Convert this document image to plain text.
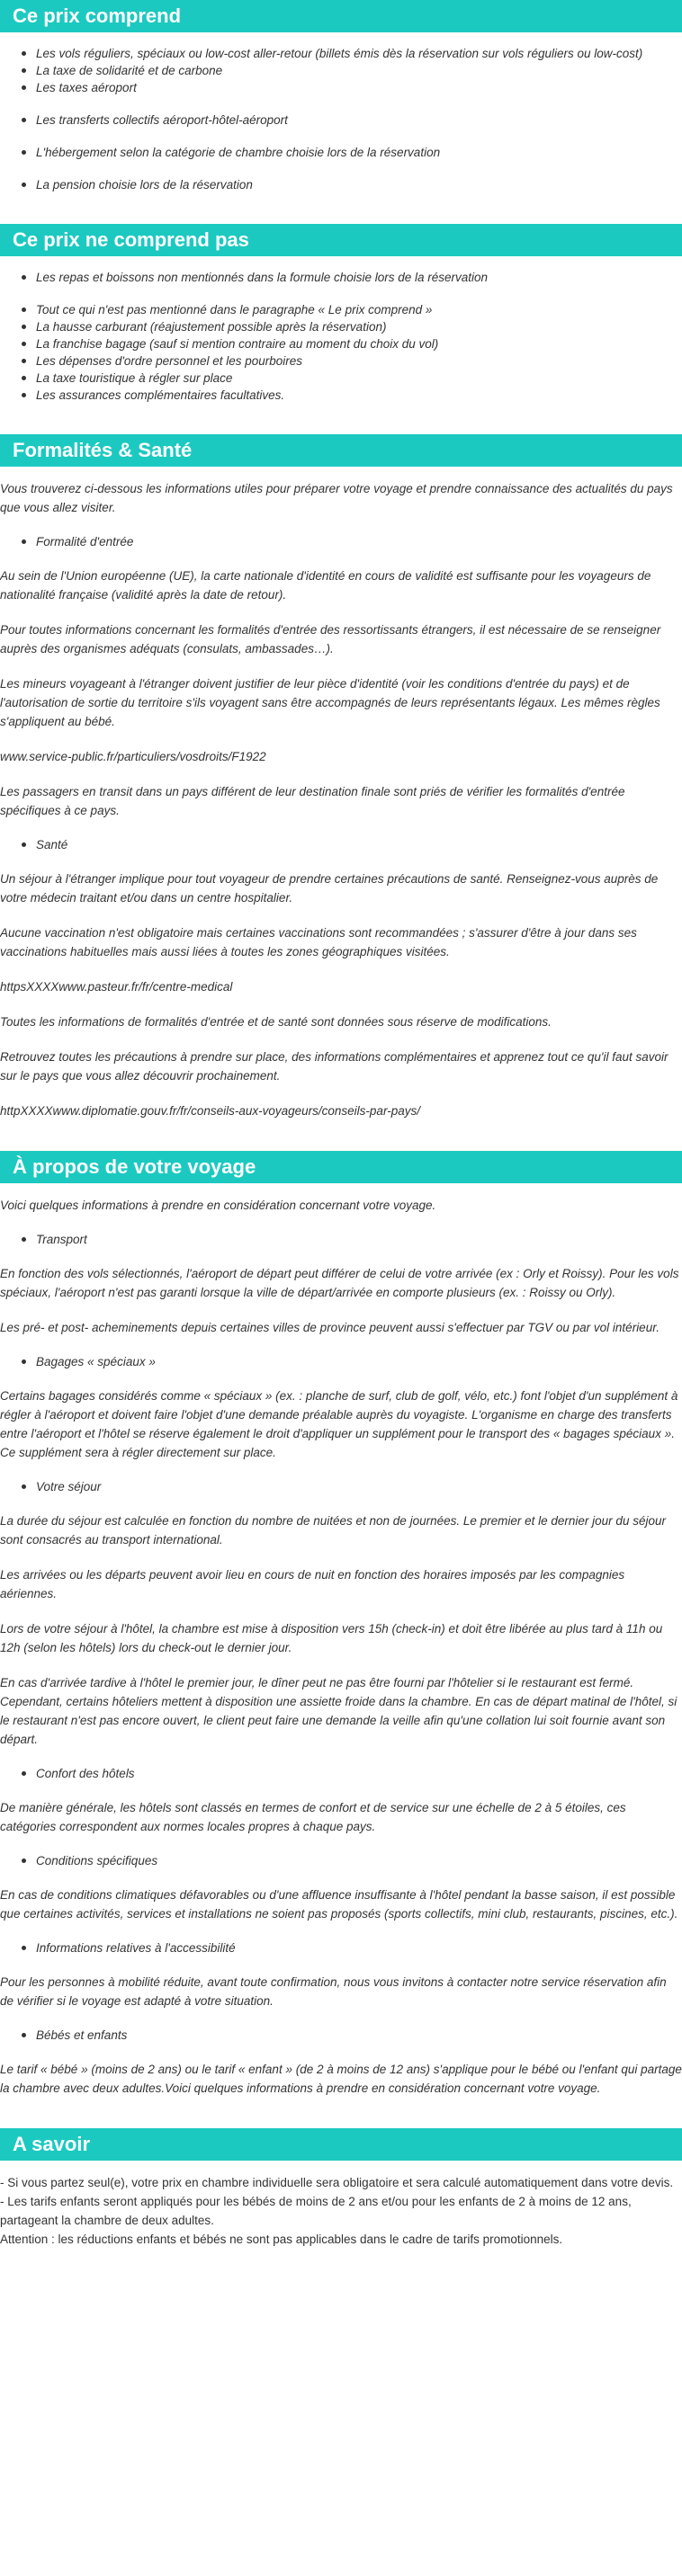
Ce prix comprend
Les vols réguliers, spéciaux ou low-cost aller-retour (billets émis dès la réservation sur vols réguliers ou low-cost)
La taxe de solidarité et de carbone
Les taxes aéroport
Les transferts collectifs aéroport-hôtel-aéroport
L'hébergement selon la catégorie de chambre choisie lors de la réservation
La pension choisie lors de la réservation
Ce prix ne comprend pas
Les repas et boissons non mentionnés dans la formule choisie lors de la réservation
Tout ce qui n'est pas mentionné dans le paragraphe « Le prix comprend »
La hausse carburant (réajustement possible après la réservation)
La franchise bagage (sauf si mention contraire au moment du choix du vol)
Les dépenses d'ordre personnel et les pourboires
La taxe touristique à régler sur place
Les assurances complémentaires facultatives.
Formalités & Santé

Vous trouverez ci-dessous les informations utiles pour préparer votre voyage et prendre connaissance des actualités du pays que vous allez visiter.

Formalité d'entrée

Au sein de l'Union européenne (UE), la carte nationale d'identité en cours de validité est suffisante pour les voyageurs de nationalité française (validité après la date de retour).

Pour toutes informations concernant les formalités d'entrée des ressortissants étrangers, il est nécessaire de se renseigner auprès des organismes adéquats (consulats, ambassades…).

Les mineurs voyageant à l'étranger doivent justifier de leur pièce d'identité (voir les conditions d'entrée du pays) et de l'autorisation de sortie du territoire s'ils voyagent sans être accompagnés de leurs représentants légaux. Les mêmes règles s'appliquent au bébé.

www.service-public.fr/particuliers/vosdroits/F1922

Les passagers en transit dans un pays différent de leur destination finale sont priés de vérifier les formalités d'entrée spécifiques à ce pays.

Santé

Un séjour à l'étranger implique pour tout voyageur de prendre certaines précautions de santé. Renseignez-vous auprès de votre médecin traitant et/ou dans un centre hospitalier.

Aucune vaccination n'est obligatoire mais certaines vaccinations sont recommandées ; s'assurer d'être à jour dans ses vaccinations habituelles mais aussi liées à toutes les zones géographiques visitées.

httpsXXXXwww.pasteur.fr/fr/centre-medical

Toutes les informations de formalités d'entrée et de santé sont données sous réserve de modifications.

Retrouvez toutes les précautions à prendre sur place, des informations complémentaires et apprenez tout ce qu'il faut savoir sur le pays que vous allez découvrir prochainement.

httpXXXXwww.diplomatie.gouv.fr/fr/conseils-aux-voyageurs/conseils-par-pays/

À propos de votre voyage

Voici quelques informations à prendre en considération concernant votre voyage.

Transport

En fonction des vols sélectionnés, l'aéroport de départ peut différer de celui de votre arrivée (ex : Orly et Roissy). Pour les vols spéciaux, l'aéroport n'est pas garanti lorsque la ville de départ/arrivée en comporte plusieurs (ex. : Roissy ou Orly).

Les pré- et post- acheminements depuis certaines villes de province peuvent aussi s'effectuer par TGV ou par vol intérieur.

Bagages « spéciaux »

Certains bagages considérés comme « spéciaux » (ex. : planche de surf, club de golf, vélo, etc.) font l'objet d'un supplément à régler à l'aéroport et doivent faire l'objet d'une demande préalable auprès du voyagiste. L'organisme en charge des transferts entre l'aéroport et l'hôtel se réserve également le droit d'appliquer un supplément pour le transport des « bagages spéciaux ». Ce supplément sera à régler directement sur place.

Votre séjour

La durée du séjour est calculée en fonction du nombre de nuitées et non de journées. Le premier et le dernier jour du séjour sont consacrés au transport international.

Les arrivées ou les départs peuvent avoir lieu en cours de nuit en fonction des horaires imposés par les compagnies aériennes.

Lors de votre séjour à l'hôtel, la chambre est mise à disposition vers 15h (check-in) et doit être libérée au plus tard à 11h ou 12h (selon les hôtels) lors du check-out le dernier jour.

En cas d'arrivée tardive à l'hôtel le premier jour, le dîner peut ne pas être fourni par l'hôtelier si le restaurant est fermé. Cependant, certains hôteliers mettent à disposition une assiette froide dans la chambre. En cas de départ matinal de l'hôtel, si le restaurant n'est pas encore ouvert, le client peut faire une demande la veille afin qu'une collation lui soit fournie avant son départ.

Confort des hôtels

De manière générale, les hôtels sont classés en termes de confort et de service sur une échelle de 2 à 5 étoiles, ces catégories correspondent aux normes locales propres à chaque pays.

Conditions spécifiques

En cas de conditions climatiques défavorables ou d'une affluence insuffisante à l'hôtel pendant la basse saison, il est possible que certaines activités, services et installations ne soient pas proposés (sports collectifs, mini club, restaurants, piscines, etc.).

Informations relatives à l'accessibilité

Pour les personnes à mobilité réduite, avant toute confirmation, nous vous invitons à contacter notre service réservation afin de vérifier si le voyage est adapté à votre situation.

Bébés et enfants

Le tarif « bébé » (moins de 2 ans) ou le tarif « enfant » (de 2 à moins de 12 ans) s'applique pour le bébé ou l'enfant qui partage la chambre avec deux adultes.Voici quelques informations à prendre en considération concernant votre voyage.

A savoir

- Si vous partez seul(e), votre prix en chambre individuelle sera obligatoire et sera calculé automatiquement dans votre devis.

- Les tarifs enfants seront appliqués pour les bébés de moins de 2 ans et/ou pour les enfants de 2 à moins de 12 ans, partageant la chambre de deux adultes.

Attention : les réductions enfants et bébés ne sont pas applicables dans le cadre de tarifs promotionnels.
